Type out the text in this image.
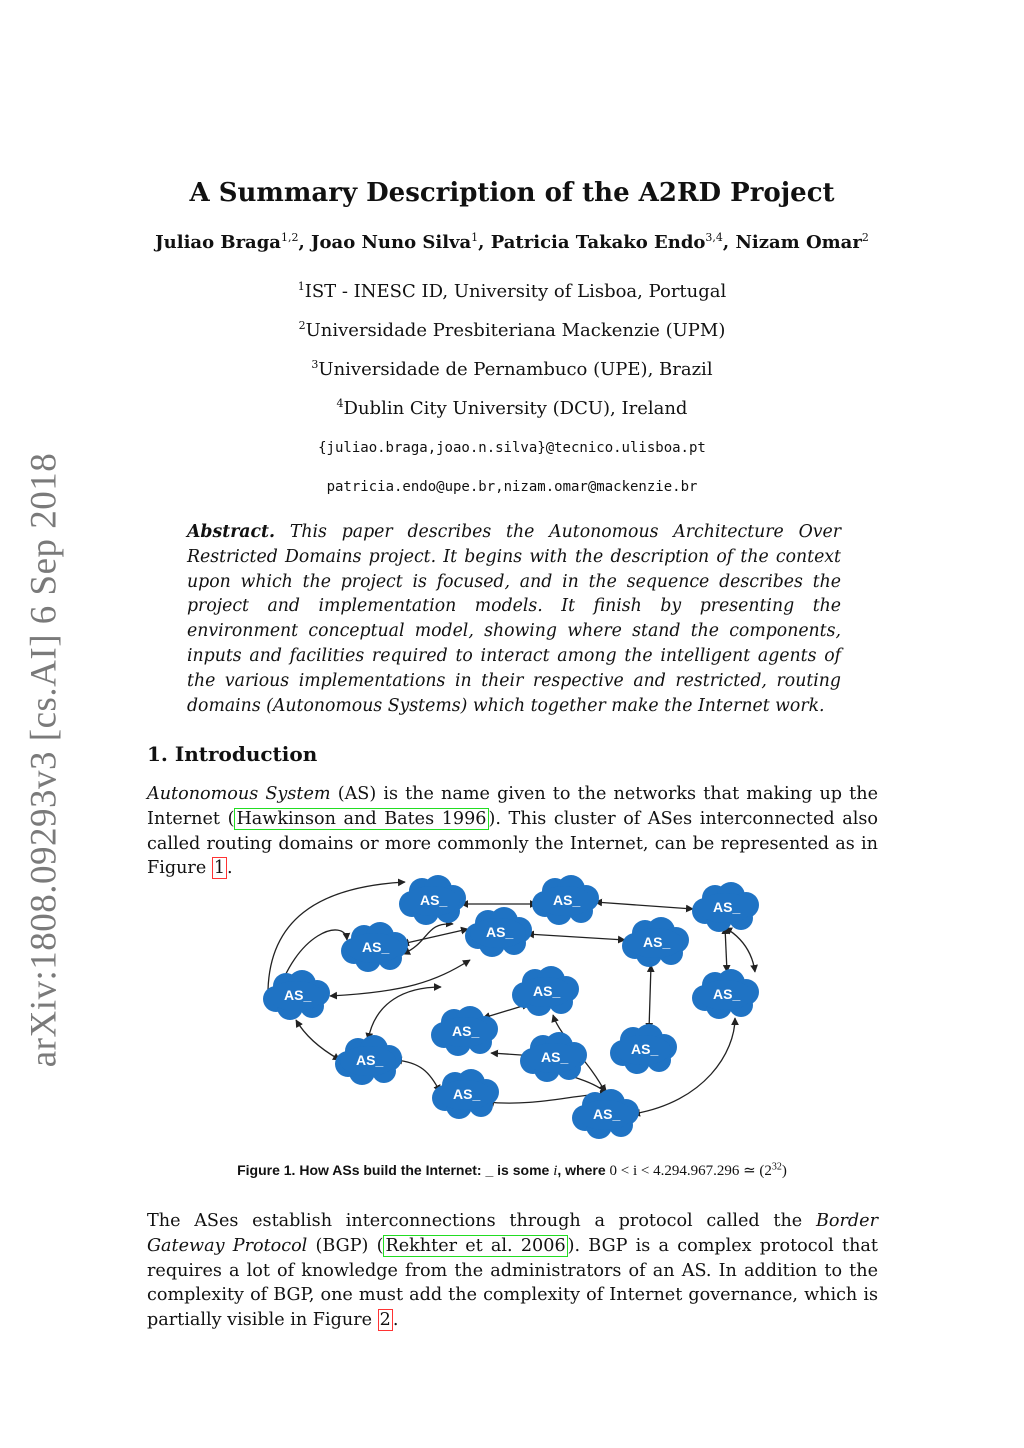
arXiv:1808.09293v3 [cs.AI] 6 Sep 2018
A Summary Description of the A2RD Project
Juliao Braga$^{1,2}$, Joao Nuno Silva$^1$, Patricia Takako Endo$^{3,4}$, Nizam Omar$^2$
$^1$IST - INESC ID, University of Lisboa, Portugal
$^2$Universidade Presbiteriana Mackenzie (UPM)
$^3$Universidade de Pernambuco (UPE), Brazil
$^4$Dublin City University (DCU), Ireland
{juliao.braga,joao.n.silva}@tecnico.ulisboa.pt
patricia.endo@upe.br,nizam.omar@mackenzie.br
Abstract. This paper describes the Autonomous Architecture Over Restricted Domains project. It begins with the description of the context upon which the project is focused, and in the sequence describes the project and implementation models. It finish by presenting the environment conceptual model, showing where stand the components, inputs and facilities required to interact among the intelligent agents of the various implementations in their respective and restricted, routing domains (Autonomous Systems) which together make the Internet work.
1. Introduction
Autonomous System (AS) is the name given to the networks that making up the Internet ( Hawkinson and Bates 1996 ). This cluster of ASes interconnected also called routing domains or more commonly the Internet, can be represented as in Figure 1 .
AS_	AS_
AS_
AS_	AS_
AS_
AS_	AS_	AS_
AS_
AS_
AS_	AS_
AS_
AS_
Figure 1. How ASs build the Internet: _ is some i, where 0 < i < 4.294.967.296 ≃ $(2^{32})$
The ASes establish interconnections through a protocol called the Border Gateway Protocol (BGP) ( Rekhter et al. 2006 ). BGP is a complex protocol that requires a lot of knowledge from the administrators of an AS. In addition to the complexity of BGP, one must add the complexity of Internet governance, which is partially visible in Figure 2 .
